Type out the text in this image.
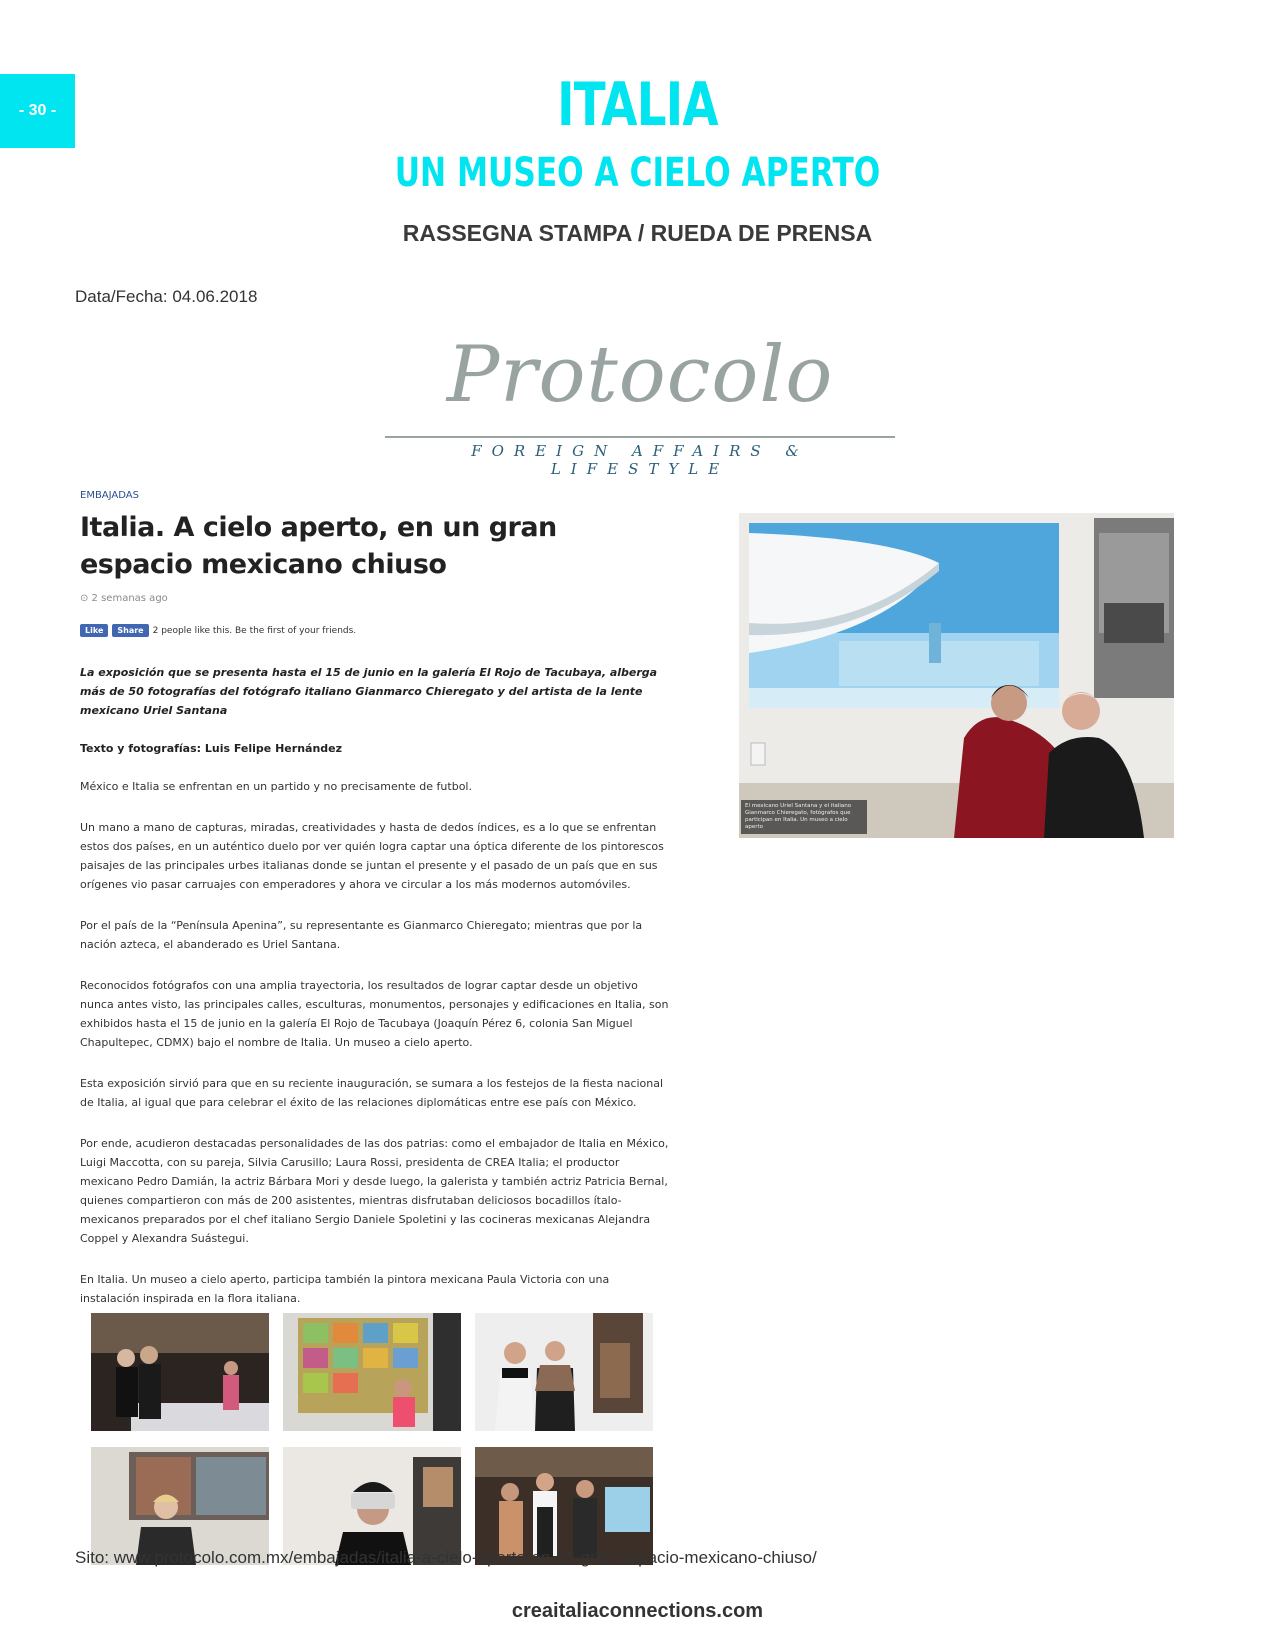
- 30 -	ITALIA
UN MUSEO A CIELO APERTO
RASSEGNA STAMPA / RUEDA DE PRENSA
Data/Fecha: 04.06.2018
Protocolo
FOREIGN AFFAIRS & LIFESTYLE
EMBAJADAS
Italia. A cielo aperto, en un gran espacio mexicano chiuso
⊙ 2 semanas ago
Like	Share	2 people like this. Be the first of your friends.
La exposición que se presenta hasta el 15 de junio en la galería El Rojo de Tacubaya, alberga más de 50 fotografías del fotógrafo italiano Gianmarco Chieregato y del artista de la lente mexicano Uriel Santana
Texto y fotografías: Luis Felipe Hernández
México e Italia se enfrentan en un partido y no precisamente de futbol.
Un mano a mano de capturas, miradas, creatividades y hasta de dedos índices, es a lo que se enfrentan estos dos países, en un auténtico duelo por ver quién logra captar una óptica diferente de los pintorescos paisajes de las principales urbes italianas donde se juntan el presente y el pasado de un país que en sus orígenes vio pasar carruajes con emperadores y ahora ve circular a los más modernos automóviles.
Por el país de la “Península Apenina”, su representante es Gianmarco Chieregato; mientras que por la nación azteca, el abanderado es Uriel Santana.
Reconocidos fotógrafos con una amplia trayectoria, los resultados de lograr captar desde un objetivo nunca antes visto, las principales calles, esculturas, monumentos, personajes y edificaciones en Italia, son exhibidos hasta el 15 de junio en la galería El Rojo de Tacubaya (Joaquín Pérez 6, colonia San Miguel Chapultepec, CDMX) bajo el nombre de Italia. Un museo a cielo aperto.
Esta exposición sirvió para que en su reciente inauguración, se sumara a los festejos de la fiesta nacional de Italia, al igual que para celebrar el éxito de las relaciones diplomáticas entre ese país con México.
Por ende, acudieron destacadas personalidades de las dos patrias: como el embajador de Italia en México, Luigi Maccotta, con su pareja, Silvia Carusillo; Laura Rossi, presidenta de CREA Italia; el productor mexicano Pedro Damián, la actriz Bárbara Mori y desde luego, la galerista y también actriz Patricia Bernal, quienes compartieron con más de 200 asistentes, mientras disfrutaban deliciosos bocadillos ítalo-mexicanos preparados por el chef italiano Sergio Daniele Spoletini y las cocineras mexicanas Alejandra Coppel y Alexandra Suástegui.
En Italia. Un museo a cielo aperto, participa también la pintora mexicana Paula Victoria con una instalación inspirada en la flora italiana.
El mexicano Uriel Santana y el italiano Gianmarco Chieregato, fotógrafos que participan en Italia. Un museo a cielo aperto
Sito: www.protocolo.com.mx/embajadas/italia-a-cielo-aperto-en-un-gran-espacio-mexicano-chiuso/
creaitaliaconnections.com
